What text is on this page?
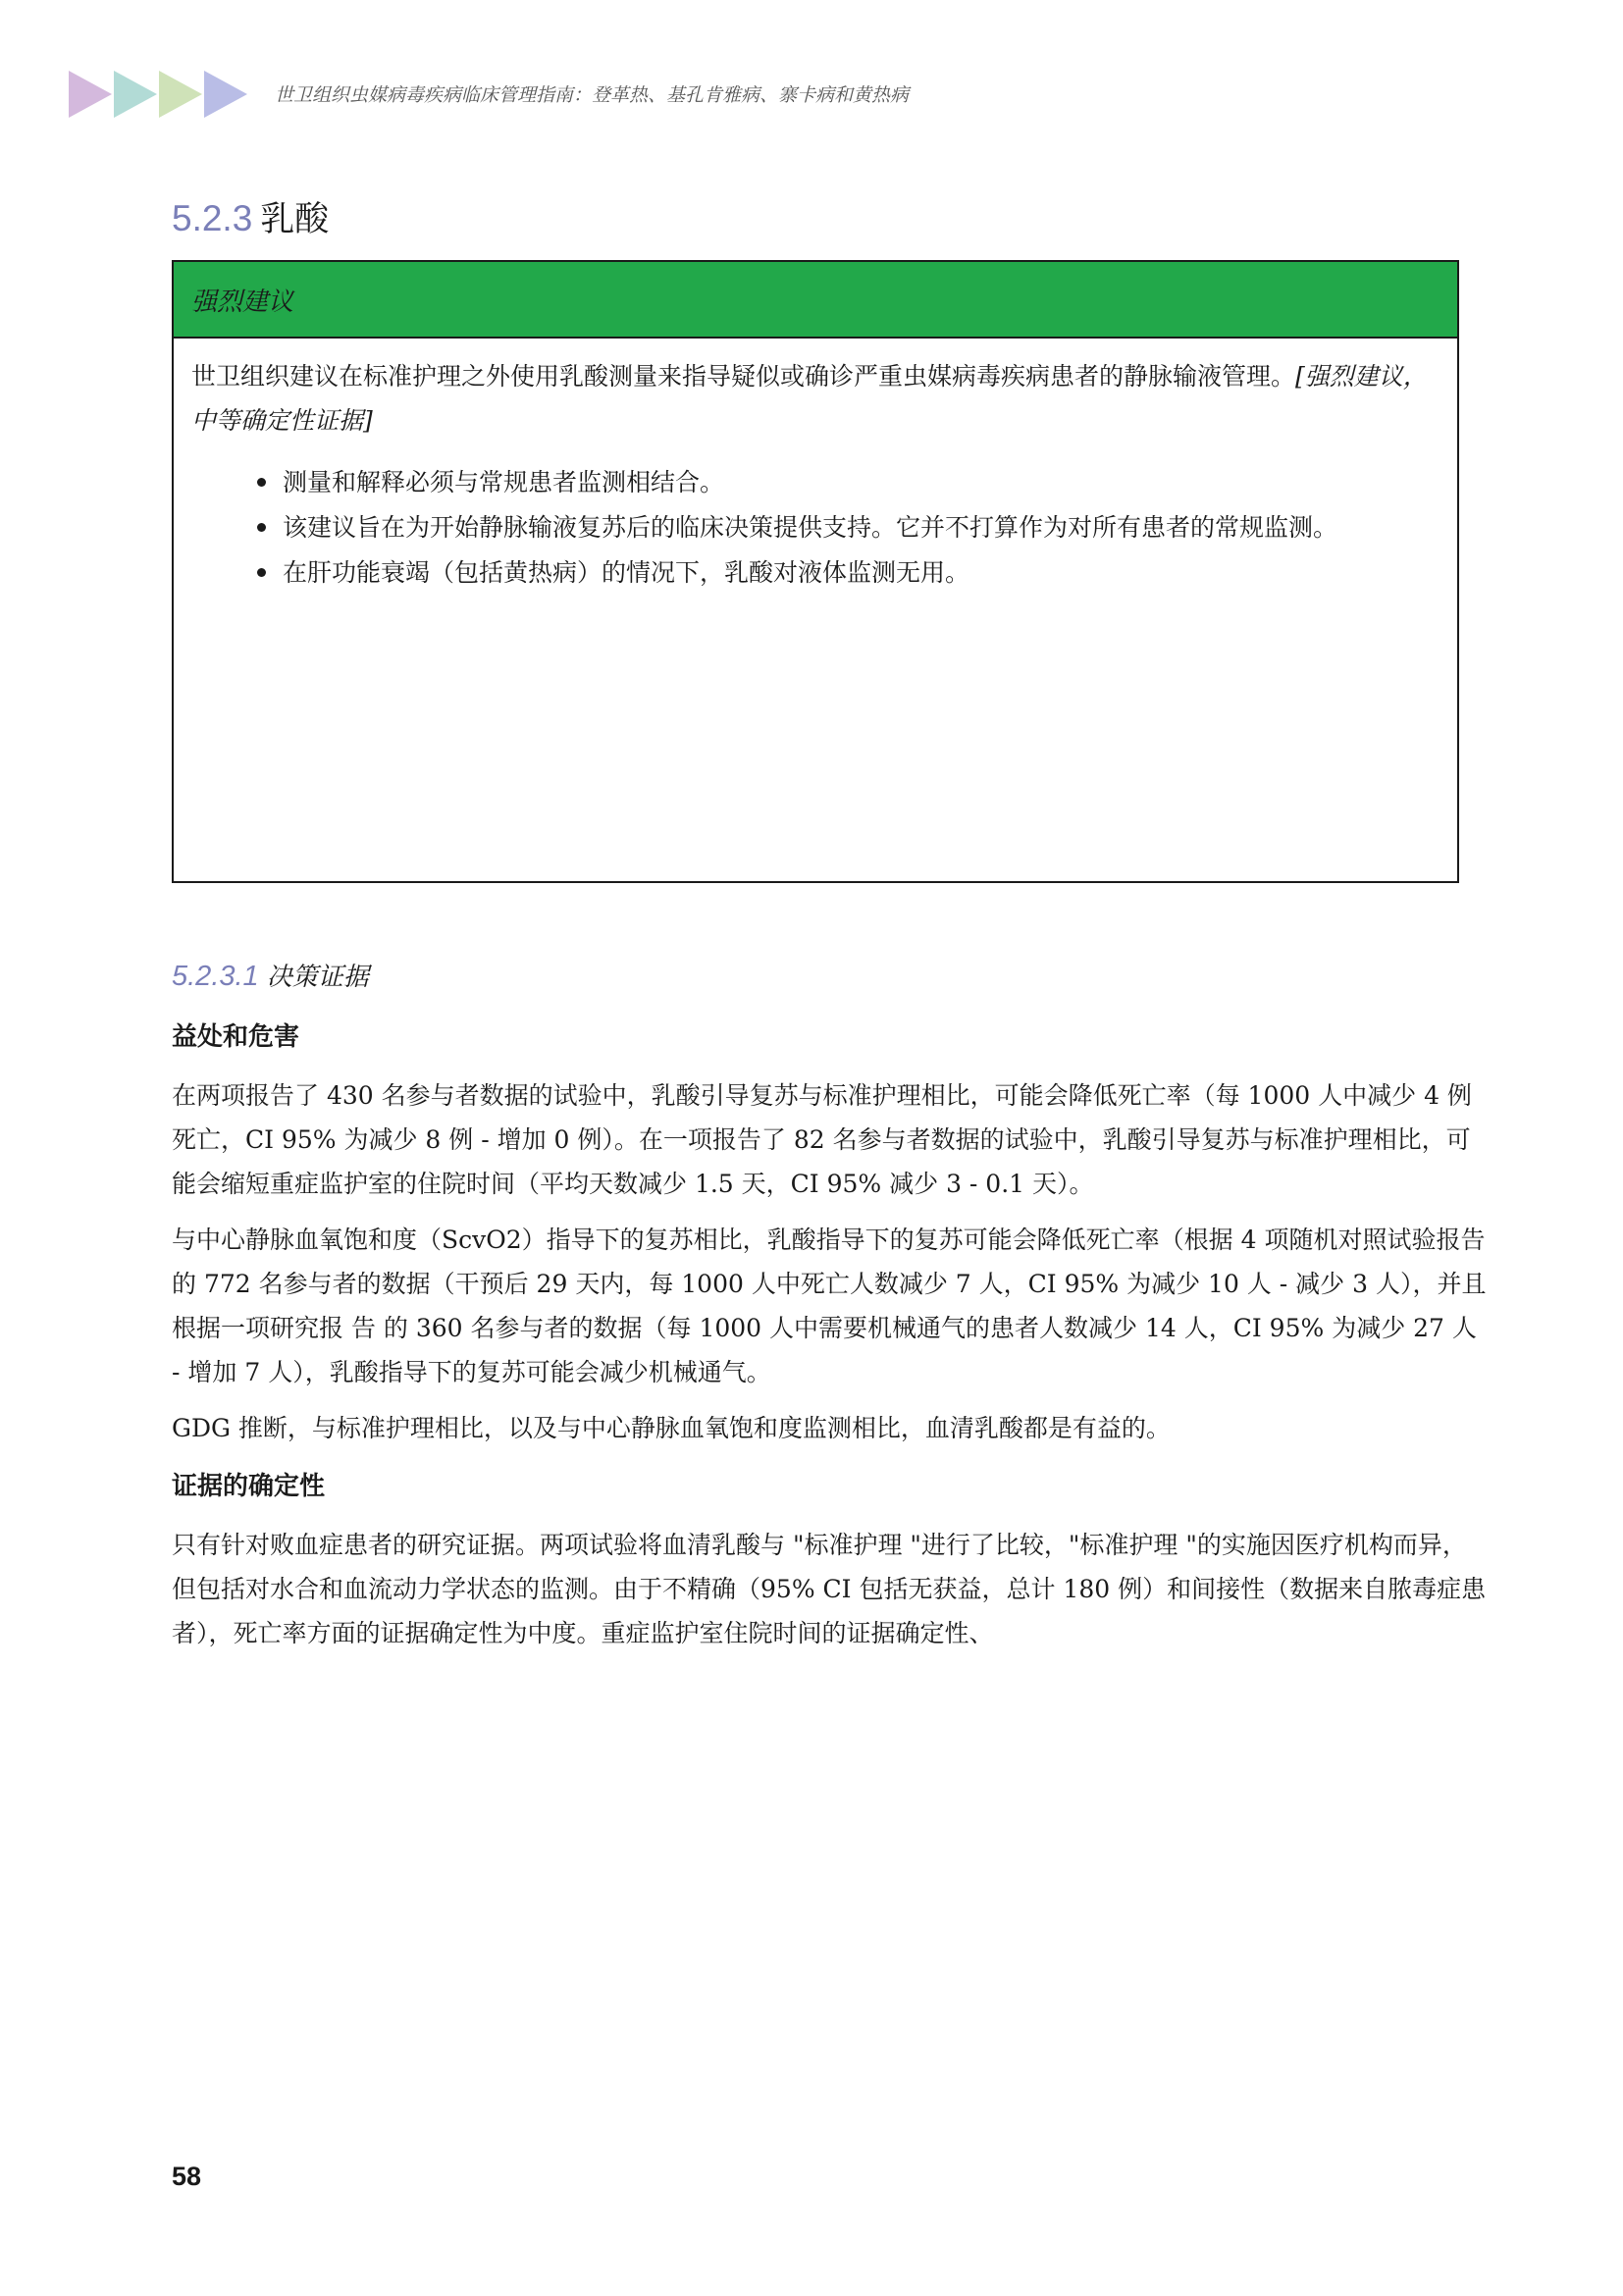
世卫组织虫媒病毒疾病临床管理指南：登革热、基孔肯雅病、寨卡病和黄热病
5.2.3 乳酸
强烈建议

世卫组织建议在标准护理之外使用乳酸测量来指导疑似或确诊严重虫媒病毒疾病患者的静脉输液管理。[强烈建议，中等确定性证据]

测量和解释必须与常规患者监测相结合。
该建议旨在为开始静脉输液复苏后的临床决策提供支持。它并不打算作为对所有患者的常规监测。
在肝功能衰竭（包括黄热病）的情况下，乳酸对液体监测无用。
5.2.3.1 决策证据

益处和危害

在两项报告了 430 名参与者数据的试验中，乳酸引导复苏与标准护理相比，可能会降低死亡率（每 1000 人中减少 4 例死亡，CI 95% 为减少 8 例 - 增加 0 例）。在一项报告了 82 名参与者数据的试验中，乳酸引导复苏与标准护理相比，可能会缩短重症监护室的住院时间（平均天数减少 1.5 天，CI 95% 减少 3 - 0.1 天）。

与中心静脉血氧饱和度（ScvO2）指导下的复苏相比，乳酸指导下的复苏可能会降低死亡率（根据 4 项随机对照试验报告的 772 名参与者的数据（干预后 29 天内，每 1000 人中死亡人数减少 7 人，CI 95% 为减少 10 人 - 减少 3 人），并且根据一项研究报 告 的 360 名参与者的数据（每 1000 人中需要机械通气的患者人数减少 14 人，CI 95% 为减少 27 人 - 增加 7 人），乳酸指导下的复苏可能会减少机械通气。

GDG 推断，与标准护理相比，以及与中心静脉血氧饱和度监测相比，血清乳酸都是有益的。

证据的确定性

只有针对败血症患者的研究证据。两项试验将血清乳酸与 "标准护理 "进行了比较，"标准护理 "的实施因医疗机构而异，但包括对水合和血流动力学状态的监测。由于不精确（95% CI 包括无获益，总计 180 例）和间接性（数据来自脓毒症患者），死亡率方面的证据确定性为中度。重症监护室住院时间的证据确定性、

58
